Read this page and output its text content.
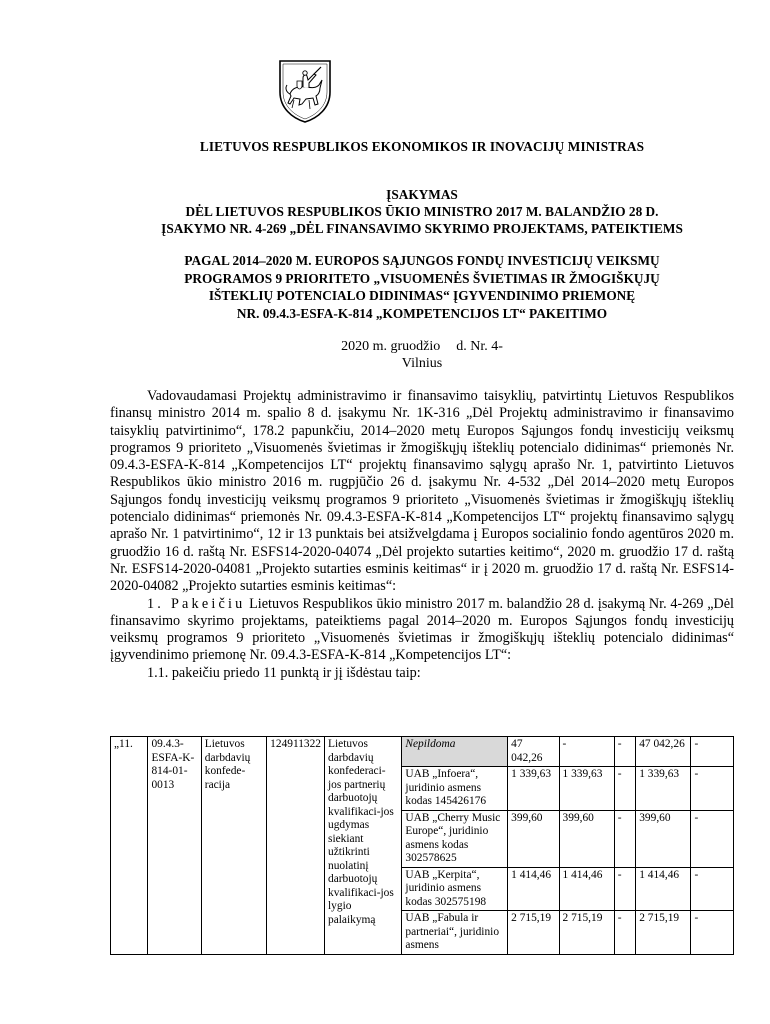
LIETUVOS RESPUBLIKOS EKONOMIKOS IR INOVACIJŲ MINISTRAS
ĮSAKYMAS
DĖL LIETUVOS RESPUBLIKOS ŪKIO MINISTRO 2017 M. BALANDŽIO 28 D.
ĮSAKYMO NR. 4-269 „DĖL FINANSAVIMO SKYRIMO PROJEKTAMS, PATEIKTIEMS
PAGAL 2014–2020 M. EUROPOS SĄJUNGOS FONDŲ INVESTICIJŲ VEIKSMŲ
PROGRAMOS 9 PRIORITETO „VISUOMENĖS ŠVIETIMAS IR ŽMOGIŠKŲJŲ
IŠTEKLIŲ POTENCIALO DIDINIMAS“ ĮGYVENDINIMO PRIEMONĘ
NR. 09.4.3-ESFA-K-814 „KOMPETENCIJOS LT“ PAKEITIMO
2020 m. gruodžio d. Nr. 4-
Vilnius

Vadovaudamasi Projektų administravimo ir finansavimo taisyklių, patvirtintų Lietuvos Respublikos finansų ministro 2014 m. spalio 8 d. įsakymu Nr. 1K-316 „Dėl Projektų administravimo ir finansavimo taisyklių patvirtinimo“, 178.2 papunkčiu, 2014–2020 metų Europos Sąjungos fondų investicijų veiksmų programos 9 prioriteto „Visuomenės švietimas ir žmogiškųjų išteklių potencialo didinimas“ priemonės Nr. 09.4.3-ESFA-K-814 „Kompetencijos LT“ projektų finansavimo sąlygų aprašo Nr. 1, patvirtinto Lietuvos Respublikos ūkio ministro 2016 m. rugpjūčio 26 d. įsakymu Nr. 4-532 „Dėl 2014–2020 metų Europos Sąjungos fondų investicijų veiksmų programos 9 prioriteto „Visuomenės švietimas ir žmogiškųjų išteklių potencialo didinimas“ priemonės Nr. 09.4.3-ESFA-K-814 „Kompetencijos LT“ projektų finansavimo sąlygų aprašo Nr. 1 patvirtinimo“, 12 ir 13 punktais bei atsižvelgdama į Europos socialinio fondo agentūros 2020 m. gruodžio 16 d. raštą Nr. ESFS14-2020-04074 „Dėl projekto sutarties keitimo“, 2020 m. gruodžio 17 d. raštą Nr. ESFS14-2020-04081 „Projekto sutarties esminis keitimas“ ir į 2020 m. gruodžio 17 d. raštą Nr. ESFS14-2020-04082 „Projekto sutarties esminis keitimas“:

1. Pakeičiu Lietuvos Respublikos ūkio ministro 2017 m. balandžio 28 d. įsakymą Nr. 4-269 „Dėl finansavimo skyrimo projektams, pateiktiems pagal 2014–2020 m. Europos Sąjungos fondų investicijų veiksmų programos 9 prioriteto „Visuomenės švietimas ir žmogiškųjų išteklių potencialo didinimas“ įgyvendinimo priemonę Nr. 09.4.3-ESFA-K-814 „Kompetencijos LT“:

1.1. pakeičiu priedo 11 punktą ir jį išdėstau taip:

„11.	09.4.3-ESFA-K-814-01-0013	Lietuvos darbdavių konfede-racija	124911322	Lietuvos darbdavių konfederaci-jos partnerių darbuotojų kvalifikaci-jos ugdymas siekiant užtikrinti nuolatinį darbuotojų kvalifikaci-jos lygio palaikymą	Nepildoma	47 042,26	-	-	47 042,26	-
					UAB „Infoera“, juridinio asmens kodas 145426176	1 339,63	1 339,63	-	1 339,63	-
					UAB „Cherry Music Europe“, juridinio asmens kodas 302578625	399,60	399,60	-	399,60	-
					UAB „Kerpita“, juridinio asmens kodas 302575198	1 414,46	1 414,46	-	1 414,46	-
					UAB „Fabula ir partneriai“, juridinio asmens	2 715,19	2 715,19	-	2 715,19	-
